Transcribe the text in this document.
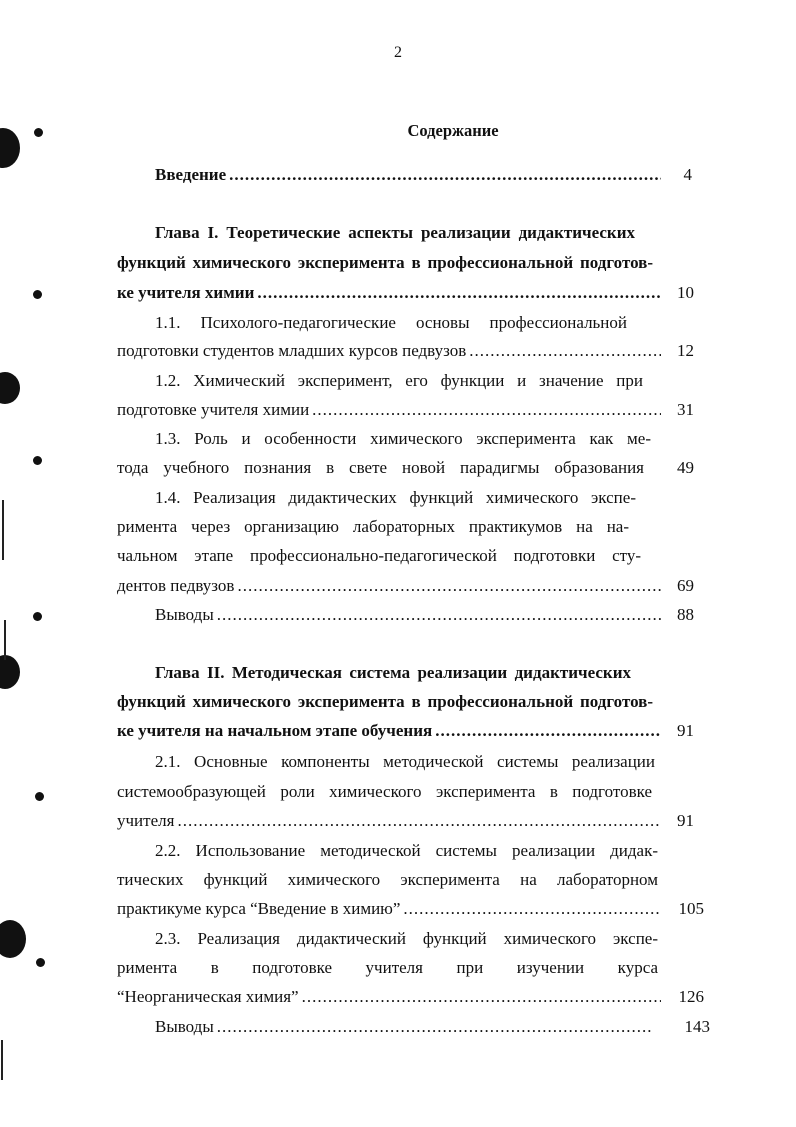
2
Содержание
Введение .....	4
Глава I. Теоретические аспекты реализации дидактических
функций химического эксперимента в профессиональной подготов-
ке учителя химии .....	10
1.1. Психолого-педагогические основы профессиональной
подготовки студентов младших курсов педвузов .....	12
1.2. Химический эксперимент, его функции и значение при
подготовке учителя химии .....	31
1.3. Роль и особенности химического эксперимента как ме-
тода учебного познания в свете новой парадигмы образования	49
1.4. Реализация дидактических функций химического экспе-
римента через организацию лабораторных практикумов на на-
чальном этапе профессионально-педагогической подготовки сту-
дентов педвузов .....	69
Выводы .....	88
Глава II. Методическая система реализации дидактических
функций химического эксперимента в профессиональной подготов-
ке учителя на начальном этапе обучения .....	91
2.1. Основные компоненты методической системы реализации
системообразующей роли химического эксперимента в подготовке
учителя .....	91
2.2. Использование методической системы реализации дидак-
тических функций химического эксперимента на лабораторном
практикуме курса “Введение в химию” .....	105
2.3. Реализация дидактический функций химического экспе-
римента в подготовке учителя при изучении курса
“Неорганическая химия” .....	126
Выводы .....	143
